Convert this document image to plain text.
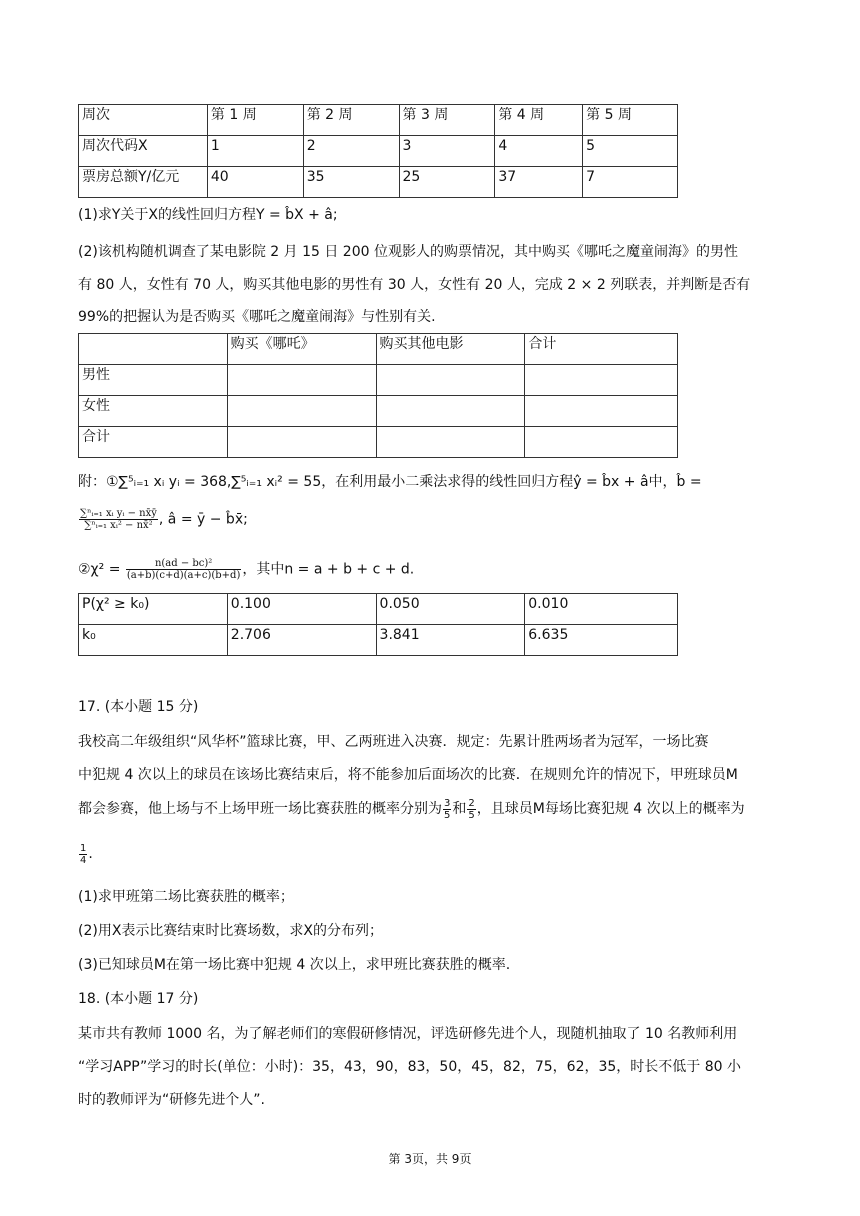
周次	第 1 周	第 2 周	第 3 周	第 4 周	第 5 周
周次代码X	1	2	3	4	5
票房总额Y/亿元	40	35	25	37	7
(1)求Y关于X的线性回归方程Y = b̂X + â;
(2)该机构随机调查了某电影院 2 月 15 日 200 位观影人的购票情况，其中购买《哪吒之魔童闹海》的男性
有 80 人，女性有 70 人，购买其他电影的男性有 30 人，女性有 20 人，完成 2 × 2 列联表，并判断是否有
99%的把握认为是否购买《哪吒之魔童闹海》与性别有关.
	购买《哪吒》	购买其他电影	合计
男性			
女性			
合计			
附：①∑⁵ᵢ₌₁ xᵢ yᵢ = 368,∑⁵ᵢ₌₁ xᵢ² = 55，在利用最小二乘法求得的线性回归方程ŷ = b̂x + â中，b̂ =
$\frac{\text{∑ⁿᵢ₌₁ xᵢ yᵢ − nx̄ȳ}}{\text{∑ⁿᵢ₌₁ xᵢ² − nx̄²}}$ , â = ȳ − b̂x̄;
②χ² = $\frac{\text{n(ad − bc)²}}{(a+b)(c+d)(a+c)(b+d)}$ ，其中n = a + b + c + d.
P(χ² ≥ k₀)	0.100	0.050	0.010
k₀	2.706	3.841	6.635
17. (本小题 15 分)
我校高二年级组织“风华杯”篮球比赛，甲、乙两班进入决赛．规定：先累计胜两场者为冠军，一场比赛
中犯规 4 次以上的球员在该场比赛结束后，将不能参加后面场次的比赛．在规则允许的情况下，甲班球员M
都会参赛，他上场与不上场甲班一场比赛获胜的概率分别为 $\frac{3}{5}$ 和 $\frac{2}{5}$ ，且球员M每场比赛犯规 4 次以上的概率为
$\frac{1}{4}$ .
(1)求甲班第二场比赛获胜的概率；
(2)用X表示比赛结束时比赛场数，求X的分布列；
(3)已知球员M在第一场比赛中犯规 4 次以上，求甲班比赛获胜的概率.
18. (本小题 17 分)
某市共有教师 1000 名，为了解老师们的寒假研修情况，评选研修先进个人，现随机抽取了 10 名教师利用
“学习APP”学习的时长(单位：小时)：35，43，90，83，50，45，82，75，62，35，时长不低于 80 小
时的教师评为“研修先进个人”.
第 3页，共 9页
